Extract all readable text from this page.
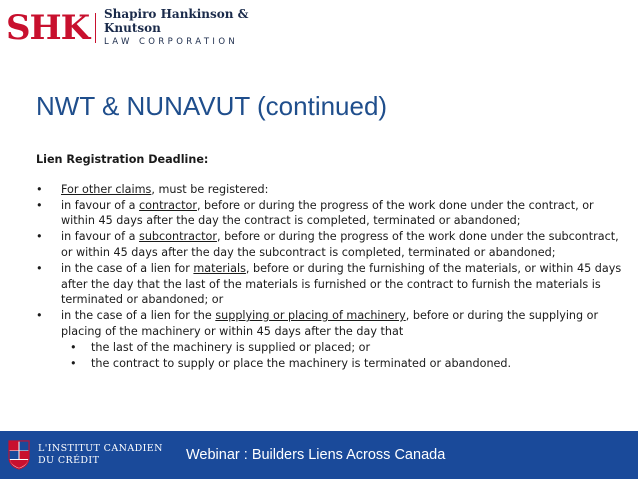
SHK Shapiro Hankinson & Knutson
LAW CORPORATION
NWT & NUNAVUT (continued)
Lien Registration Deadline:
• For other claims, must be registered:
• in favour of a contractor, before or during the progress of the work done under the contract, or within 45 days after the day the contract is completed, terminated or abandoned;
• in favour of a subcontractor, before or during the progress of the work done under the subcontract, or within 45 days after the day the subcontract is completed, terminated or abandoned;
• in the case of a lien for materials, before or during the furnishing of the materials, or within 45 days after the day that the last of the materials is furnished or the contract to furnish the materials is terminated or abandoned; or
• in the case of a lien for the supplying or placing of machinery, before or during the supplying or placing of the machinery or within 45 days after the day that
• the last of the machinery is supplied or placed; or
• the contract to supply or place the machinery is terminated or abandoned.
L'INSTITUT CANADIEN
DU CRÉDIT	Webinar : Builders Liens Across Canada
